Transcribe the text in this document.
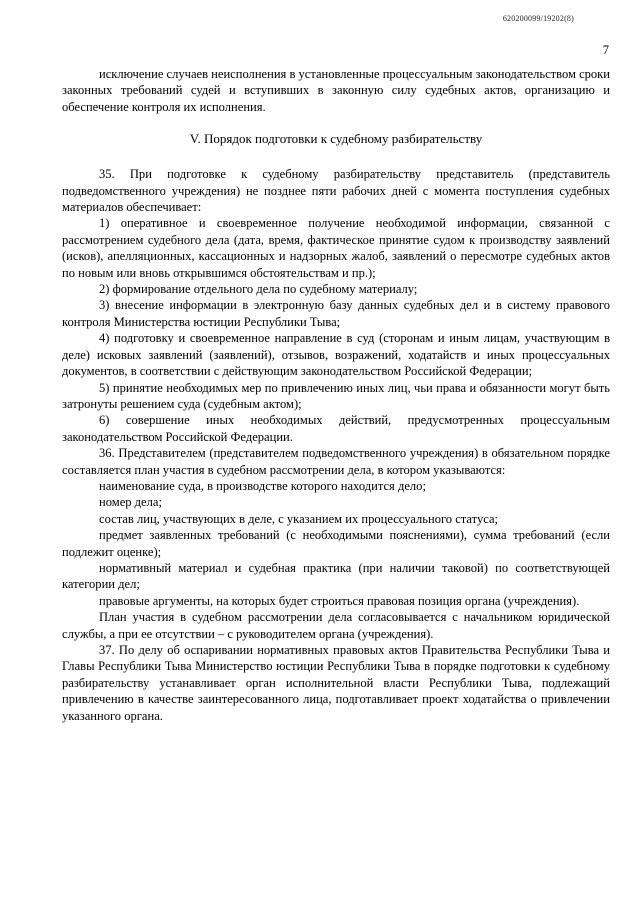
620200099/19202(8)
7

исключение случаев неисполнения в установленные процессуальным законодательством сроки законных требований судей и вступивших в законную силу судебных актов, организацию и обеспечение контроля их исполнения.

V. Порядок подготовки к судебному разбирательству

35. При подготовке к судебному разбирательству представитель (представитель подведомственного учреждения) не позднее пяти рабочих дней с момента поступления судебных материалов обеспечивает:

1) оперативное и своевременное получение необходимой информации, связанной с рассмотрением судебного дела (дата, время, фактическое принятие судом к производству заявлений (исков), апелляционных, кассационных и надзорных жалоб, заявлений о пересмотре судебных актов по новым или вновь открывшимся обстоятельствам и пр.);

2) формирование отдельного дела по судебному материалу;

3) внесение информации в электронную базу данных судебных дел и в систему правового контроля Министерства юстиции Республики Тыва;

4) подготовку и своевременное направление в суд (сторонам и иным лицам, участвующим в деле) исковых заявлений (заявлений), отзывов, возражений, ходатайств и иных процессуальных документов, в соответствии с действующим законодательством Российской Федерации;

5) принятие необходимых мер по привлечению иных лиц, чьи права и обязанности могут быть затронуты решением суда (судебным актом);

6) совершение иных необходимых действий, предусмотренных процессуальным законодательством Российской Федерации.

36. Представителем (представителем подведомственного учреждения) в обязательном порядке составляется план участия в судебном рассмотрении дела, в котором указываются:

наименование суда, в производстве которого находится дело;

номер дела;

состав лиц, участвующих в деле, с указанием их процессуального статуса;

предмет заявленных требований (с необходимыми пояснениями), сумма требований (если подлежит оценке);

нормативный материал и судебная практика (при наличии таковой) по соответствующей категории дел;

правовые аргументы, на которых будет строиться правовая позиция органа (учреждения).

План участия в судебном рассмотрении дела согласовывается с начальником юридической службы, а при ее отсутствии – с руководителем органа (учреждения).

37. По делу об оспаривании нормативных правовых актов Правительства Республики Тыва и Главы Республики Тыва Министерство юстиции Республики Тыва в порядке подготовки к судебному разбирательству устанавливает орган исполнительной власти Республики Тыва, подлежащий привлечению в качестве заинтересованного лица, подготавливает проект ходатайства о привлечении указанного органа.
